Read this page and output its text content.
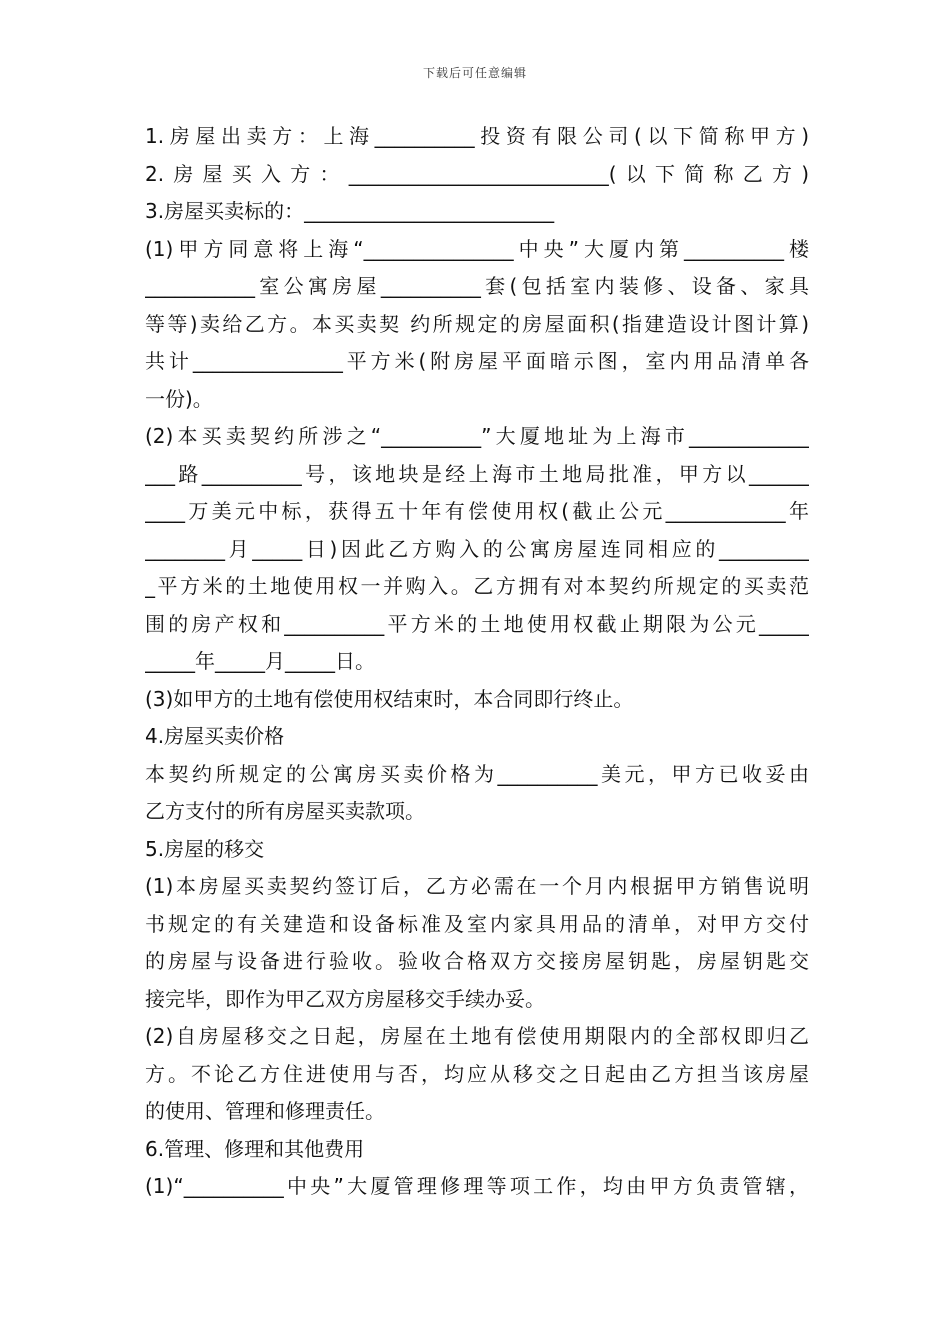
下载后可任意编辑
1.房屋出卖方：上海__________投资有限公司(以下简称甲方)
2.房屋买入方：__________________________(以下简称乙方)
3.房屋买卖标的：_________________________
(1)甲方同意将上海“_______________中央”大厦内第__________楼
___________室公寓房屋__________套(包括室内装修、设备、家具
等等)卖给乙方。本买卖契 约所规定的房屋面积(指建造设计图计算)
共计_______________平方米(附房屋平面暗示图，室内用品清单各
一份)。
(2)本买卖契约所涉之“__________”大厦地址为上海市____________
___路__________号，该地块是经上海市土地局批准，甲方以______
____万美元中标，获得五十年有偿使用权(截止公元____________年
________月_____日)因此乙方购入的公寓房屋连同相应的_________
_平方米的土地使用权一并购入。乙方拥有对本契约所规定的买卖范
围的房产权和__________平方米的土地使用权截止期限为公元_____
_____年_____月_____日。
(3)如甲方的土地有偿使用权结束时，本合同即行终止。
4.房屋买卖价格
本契约所规定的公寓房买卖价格为__________美元，甲方已收妥由
乙方支付的所有房屋买卖款项。
5.房屋的移交
(1)本房屋买卖契约签订后，乙方必需在一个月内根据甲方销售说明
书规定的有关建造和设备标准及室内家具用品的清单，对甲方交付
的房屋与设备进行验收。验收合格双方交接房屋钥匙，房屋钥匙交
接完毕，即作为甲乙双方房屋移交手续办妥。
(2)自房屋移交之日起，房屋在土地有偿使用期限内的全部权即归乙
方。不论乙方住进使用与否，均应从移交之日起由乙方担当该房屋
的使用、管理和修理责任。
6.管理、修理和其他费用
(1)“__________中央”大厦管理修理等项工作，均由甲方负责管辖，
